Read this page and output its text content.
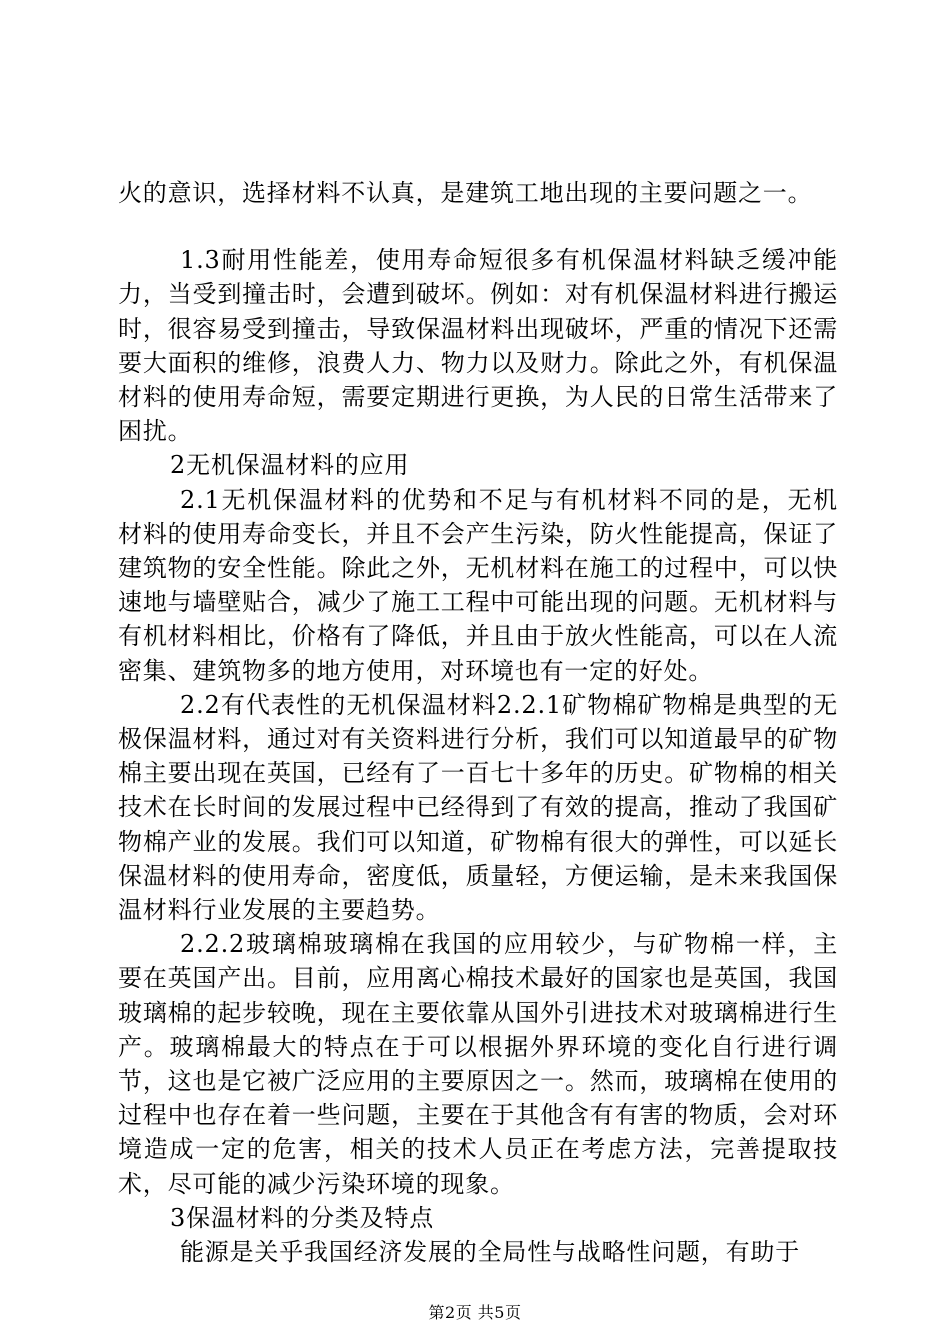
火的意识，选择材料不认真，是建筑工地出现的主要问题之一。

1.3耐用性能差，使用寿命短很多有机保温材料缺乏缓冲能力，当受到撞击时，会遭到破坏。例如：对有机保温材料进行搬运时，很容易受到撞击，导致保温材料出现破坏，严重的情况下还需要大面积的维修，浪费人力、物力以及财力。除此之外，有机保温材料的使用寿命短，需要定期进行更换，为人民的日常生活带来了困扰。

2无机保温材料的应用

2.1无机保温材料的优势和不足与有机材料不同的是，无机材料的使用寿命变长，并且不会产生污染，防火性能提高，保证了建筑物的安全性能。除此之外，无机材料在施工的过程中，可以快速地与墙壁贴合，减少了施工工程中可能出现的问题。无机材料与有机材料相比，价格有了降低，并且由于放火性能高，可以在人流密集、建筑物多的地方使用，对环境也有一定的好处。

2.2有代表性的无机保温材料2.2.1矿物棉矿物棉是典型的无极保温材料，通过对有关资料进行分析，我们可以知道最早的矿物棉主要出现在英国，已经有了一百七十多年的历史。矿物棉的相关技术在长时间的发展过程中已经得到了有效的提高，推动了我国矿物棉产业的发展。我们可以知道，矿物棉有很大的弹性，可以延长保温材料的使用寿命，密度低，质量轻，方便运输，是未来我国保温材料行业发展的主要趋势。

2.2.2玻璃棉玻璃棉在我国的应用较少，与矿物棉一样，主要在英国产出。目前，应用离心棉技术最好的国家也是英国，我国玻璃棉的起步较晚，现在主要依靠从国外引进技术对玻璃棉进行生产。玻璃棉最大的特点在于可以根据外界环境的变化自行进行调节，这也是它被广泛应用的主要原因之一。然而，玻璃棉在使用的过程中也存在着一些问题，主要在于其他含有有害的物质，会对环境造成一定的危害，相关的技术人员正在考虑方法，完善提取技术，尽可能的减少污染环境的现象。

3保温材料的分类及特点

能源是关乎我国经济发展的全局性与战略性问题，有助于

第2页 共5页
